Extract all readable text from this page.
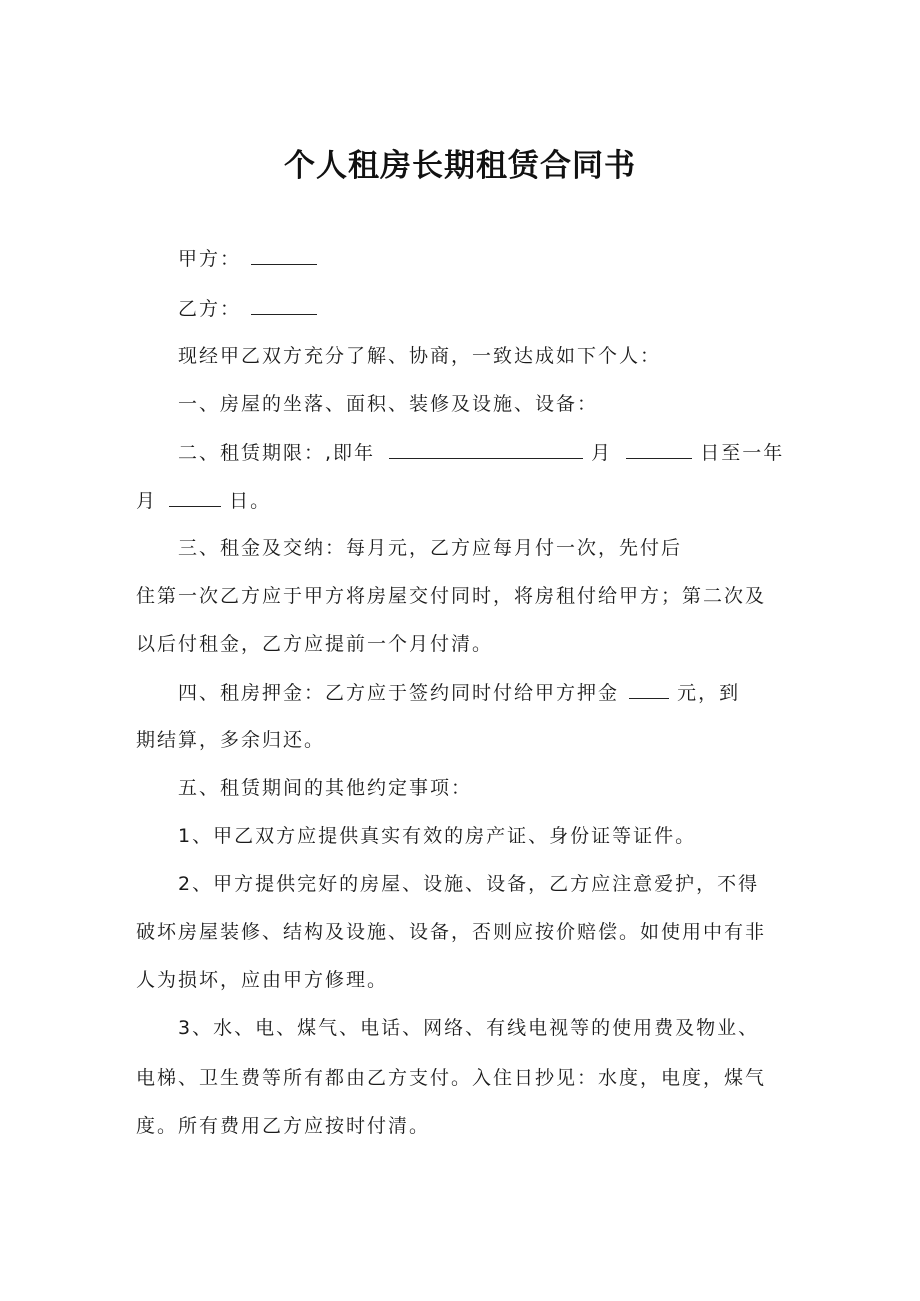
个人租房长期租赁合同书
甲方：
乙方：
现经甲乙双方充分了解、协商，一致达成如下个人：
一、房屋的坐落、面积、装修及设施、设备：
二、租赁期限：,即年	月	日至一年
月	日。
三、租金及交纳：每月元，乙方应每月付一次，先付后
住第一次乙方应于甲方将房屋交付同时，将房租付给甲方；第二次及
以后付租金，乙方应提前一个月付清。
四、租房押金：乙方应于签约同时付给甲方押金	元，到
期结算，多余归还。
五、租赁期间的其他约定事项：
1、甲乙双方应提供真实有效的房产证、身份证等证件。
2、甲方提供完好的房屋、设施、设备，乙方应注意爱护，不得
破坏房屋装修、结构及设施、设备，否则应按价赔偿。如使用中有非
人为损坏，应由甲方修理。
3、水、电、煤气、电话、网络、有线电视等的使用费及物业、
电梯、卫生费等所有都由乙方支付。入住日抄见：水度，电度，煤气
度。所有费用乙方应按时付清。
